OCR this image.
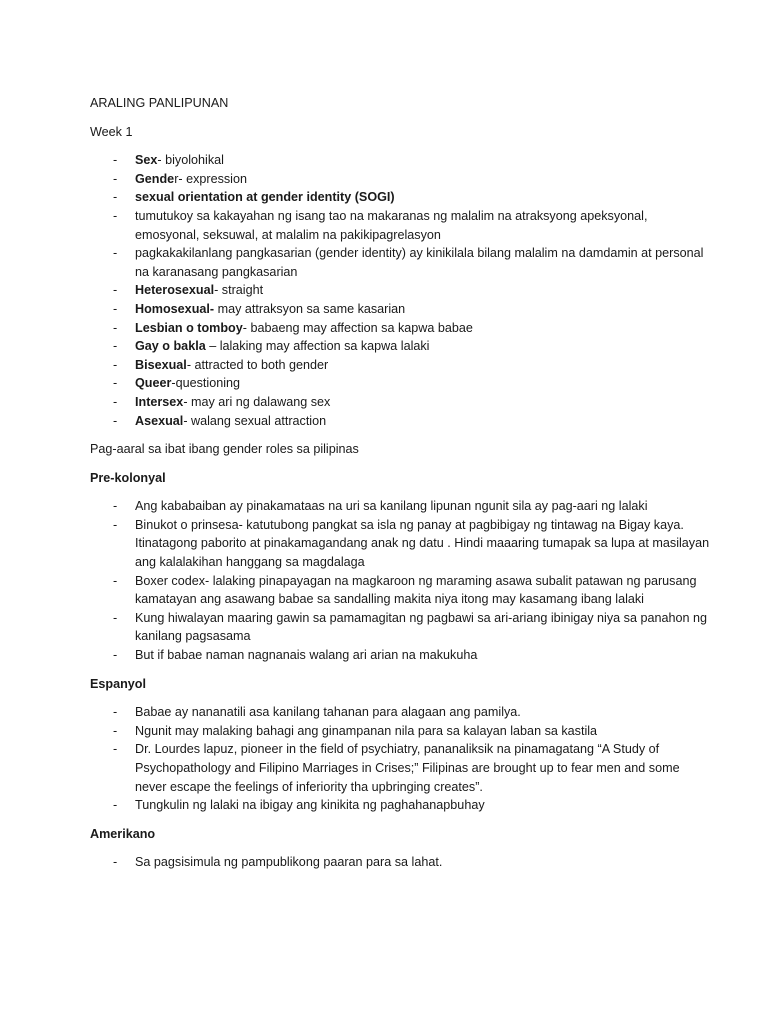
ARALING PANLIPUNAN

Week 1

- Sex- biyolohikal
- Gender- expression
- sexual orientation at gender identity (SOGI)
- tumutukoy sa kakayahan ng isang tao na makaranas ng malalim na atraksyong apeksyonal, emosyonal, seksuwal, at malalim na pakikipagrelasyon
- pagkakakilanlang pangkasarian (gender identity) ay kinikilala bilang malalim na damdamin at personal na karanasang pangkasarian
- Heterosexual- straight
- Homosexual- may attraksyon sa same kasarian
- Lesbian o tomboy- babaeng may affection sa kapwa babae
- Gay o bakla – lalaking may affection sa kapwa lalaki
- Bisexual- attracted to both gender
- Queer-questioning
- Intersex- may ari ng dalawang sex
- Asexual- walang sexual attraction

Pag-aaral sa ibat ibang gender roles sa pilipinas

Pre-kolonyal

- Ang kababaiban ay pinakamataas na uri sa kanilang lipunan ngunit sila ay pag-aari ng lalaki
- Binukot o prinsesa- katutubong pangkat sa isla ng panay at pagbibigay ng tintawag na Bigay kaya. Itinatagong paborito at pinakamagandang anak ng datu . Hindi maaaring tumapak sa lupa at masilayan ang kalalakihan hanggang sa magdalaga
- Boxer codex- lalaking pinapayagan na magkaroon ng maraming asawa subalit patawan ng parusang kamatayan ang asawang babae sa sandalling makita niya itong may kasamang ibang lalaki
- Kung hiwalayan maaring gawin sa pamamagitan ng pagbawi sa ari-ariang ibinigay niya sa panahon ng kanilang pagsasama
- But if babae naman nagnanais walang ari arian na makukuha

Espanyol

- Babae ay nananatili asa kanilang tahanan para alagaan ang pamilya.
- Ngunit may malaking bahagi ang ginampanan nila para sa kalayan laban sa kastila
- Dr. Lourdes lapuz, pioneer in the field of psychiatry, pananaliksik na pinamagatang “A Study of Psychopathology and Filipino Marriages in Crises;” Filipinas are brought up to fear men and some never escape the feelings of inferiority tha upbringing creates”.
- Tungkulin ng lalaki na ibigay ang kinikita ng paghahanapbuhay

Amerikano

- Sa pagsisimula ng pampublikong paaran para sa lahat.
